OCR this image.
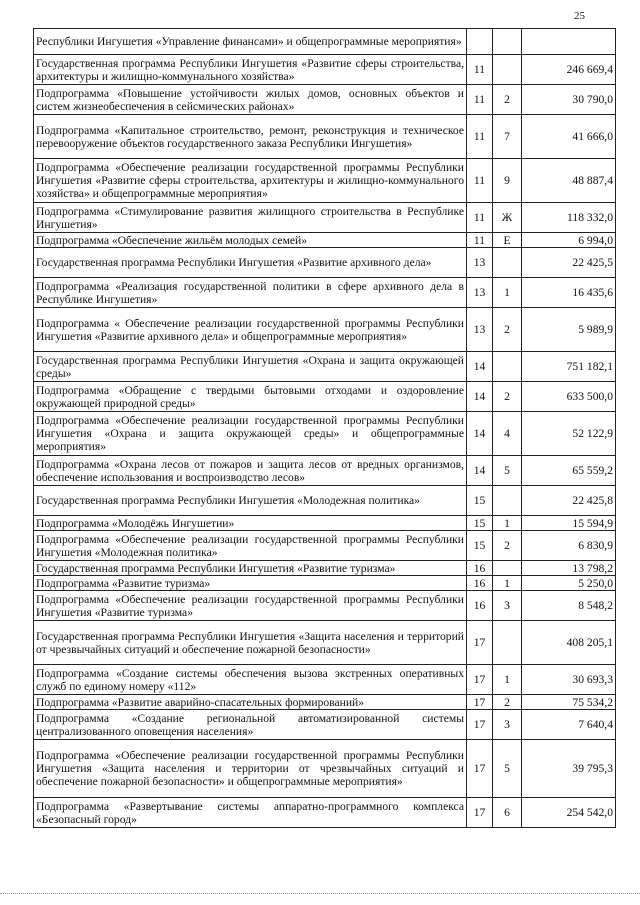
25
Республики Ингушетия «Управление финансами» и общепрограммные мероприятия»			
Государственная программа Республики Ингушетия «Развитие сферы строительства, архитектуры и жилищно-коммунального хозяйства»	11		246 669,4
Подпрограмма «Повышение устойчивости жилых домов, основных объектов и систем жизнеобеспечения в сейсмических районах»	11	2	30 790,0
Подпрограмма «Капитальное строительство, ремонт, реконструкция и техническое перевооружение объектов государственного заказа Республики Ингушетия»	11	7	41 666,0
Подпрограмма «Обеспечение реализации государственной программы Республики Ингушетия «Развитие сферы строительства, архитектуры и жилищно-коммунального хозяйства» и общепрограммные мероприятия»	11	9	48 887,4
Подпрограмма «Стимулирование развития жилищного строительства в Республике Ингушетия»	11	Ж	118 332,0
Подпрограмма «Обеспечение жильём молодых семей»	11	Е	6 994,0
Государственная программа Республики Ингушетия «Развитие архивного дела»	13		22 425,5
Подпрограмма «Реализация государственной политики в сфере архивного дела в Республике Ингушетия»	13	1	16 435,6
Подпрограмма « Обеспечение реализации государственной программы Республики Ингушетия «Развитие архивного дела» и общепрограммные мероприятия»	13	2	5 989,9
Государственная программа Республики Ингушетия «Охрана и защита окружающей среды»	14		751 182,1
Подпрограмма «Обращение с твердыми бытовыми отходами и оздоровление окружающей природной среды»	14	2	633 500,0
Подпрограмма «Обеспечение реализации государственной программы Республики Ингушетия «Охрана и защита окружающей среды» и общепрограммные мероприятия»	14	4	52 122,9
Подпрограмма «Охрана лесов от пожаров и защита лесов от вредных организмов, обеспечение использования и воспроизводство лесов»	14	5	65 559,2
Государственная программа Республики Ингушетия «Молодежная политика»	15		22 425,8
Подпрограмма «Молодёжь Ингушетии»	15	1	15 594,9
Подпрограмма «Обеспечение реализации государственной программы Республики Ингушетия «Молодежная политика»	15	2	6 830,9
Государственная программа Республики Ингушетия «Развитие туризма»	16		13 798,2
Подпрограмма «Развитие туризма»	16	1	5 250,0
Подпрограмма «Обеспечение реализации государственной программы Республики Ингушетия «Развитие туризма»	16	3	8 548,2
Государственная программа Республики Ингушетия «Защита населения и территорий от чрезвычайных ситуаций и обеспечение пожарной безопасности»	17		408 205,1
Подпрограмма «Создание системы обеспечения вызова экстренных оперативных служб по единому номеру «112»	17	1	30 693,3
Подпрограмма «Развитие аварийно-спасательных формирований»	17	2	75 534,2
Подпрограмма «Создание региональной автоматизированной системы централизованного оповещения населения»	17	3	7 640,4
Подпрограмма «Обеспечение реализации государственной программы Республики Ингушетия «Защита населения и территории от чрезвычайных ситуаций и обеспечение пожарной безопасности» и общепрограммные мероприятия»	17	5	39 795,3
Подпрограмма «Развертывание системы аппаратно-программного комплекса «Безопасный город»	17	6	254 542,0
